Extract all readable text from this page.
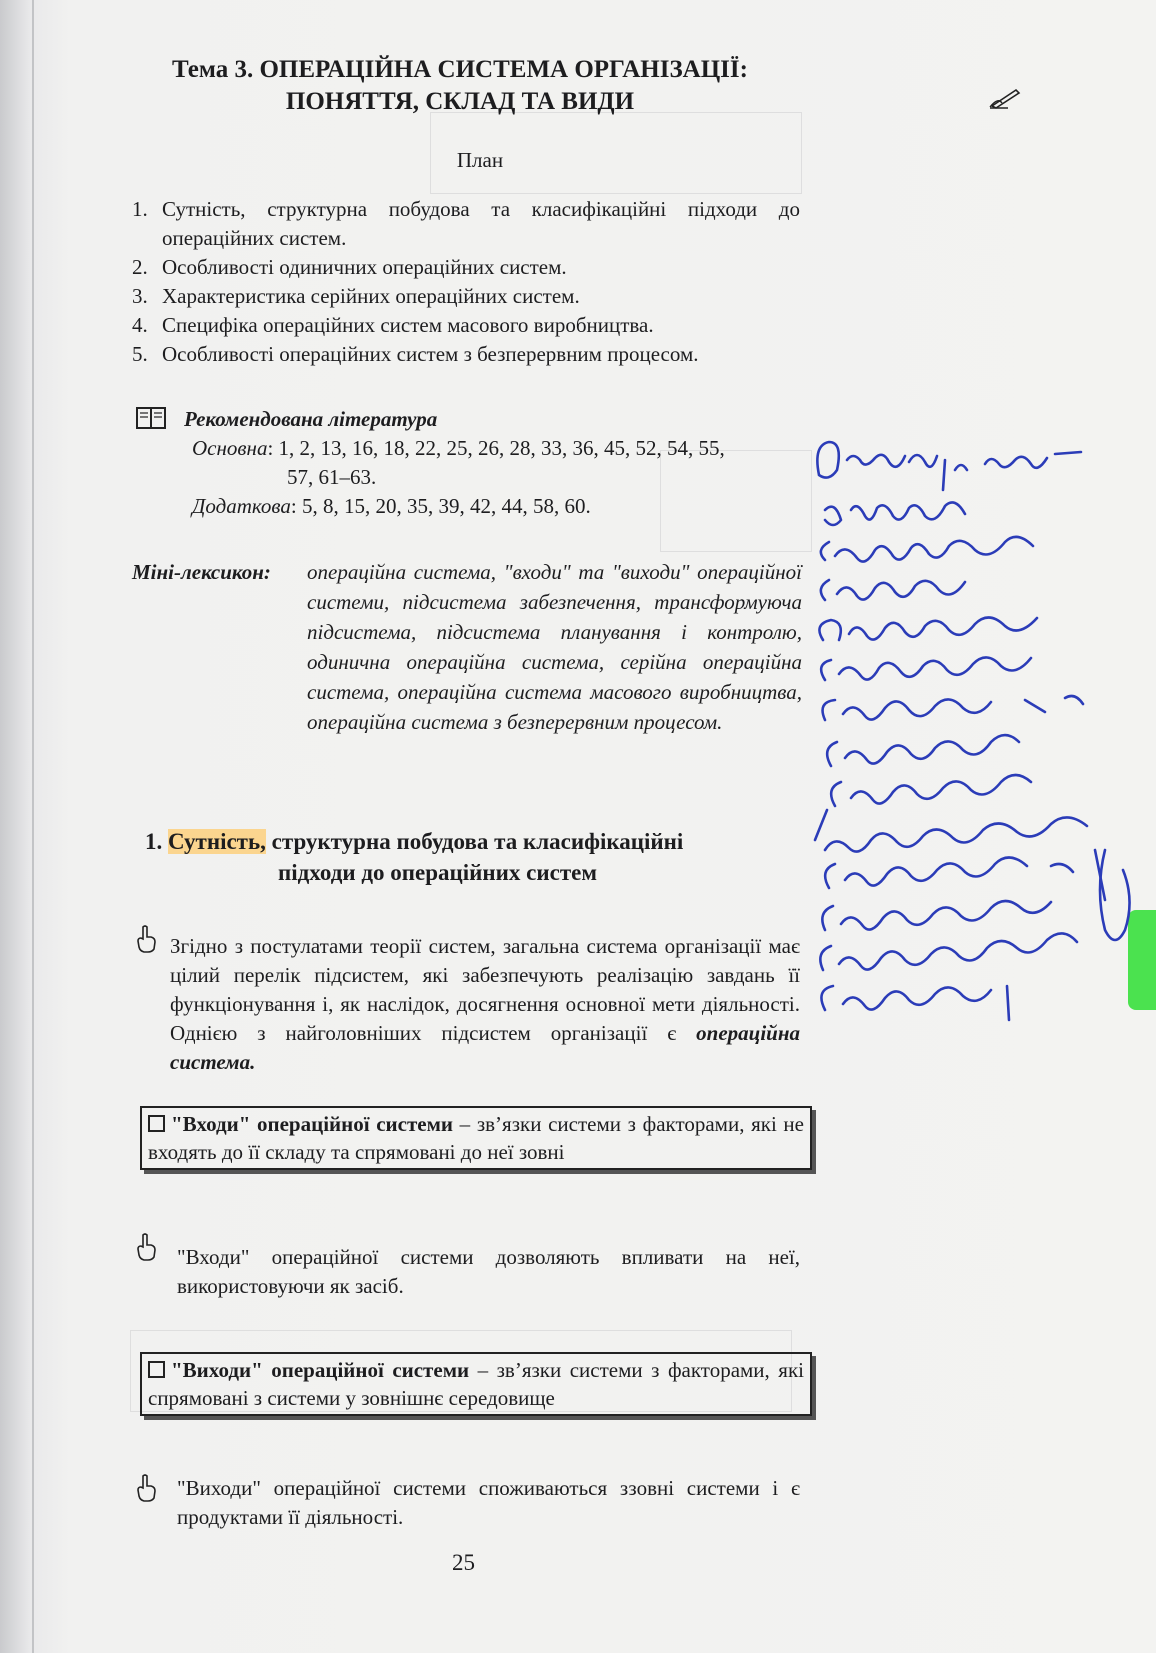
Тема 3. ОПЕРАЦІЙНА СИСТЕМА ОРГАНІЗАЦІЇ:
ПОНЯТТЯ, СКЛАД ТА ВИДИ
План
1. Сутність, структурна побудова та класифікаційні підходи до операційних систем.
2. Особливості одиничних операційних систем.
3. Характеристика серійних операційних систем.
4. Специфіка операційних систем масового виробництва.
5. Особливості операційних систем з безперервним процесом.
Рекомендована література
Основна: 1, 2, 13, 16, 18, 22, 25, 26, 28, 33, 36, 45, 52, 54, 55,
57, 61–63.
Додаткова: 5, 8, 15, 20, 35, 39, 42, 44, 58, 60.
Міні-лексикон: операційна система, "входи" та "виходи" операційної системи, підсистема забезпечення, трансформуюча підсистема, підсистема планування і контролю, одинична операційна система, серійна операційна система, операційна система масового виробництва, операційна система з безперервним процесом.
1. Сутність, структурна побудова та класифікаційні
підходи до операційних систем
Згідно з постулатами теорії систем, загальна система організації має цілий перелік підсистем, які забезпечують реалізацію завдань її функціонування і, як наслідок, досягнення основної мети діяльності. Однією з найголовніших підсистем організації є операційна система.
"Входи" операційної системи – зв’язки системи з факторами, які не входять до її складу та спрямовані до неї зовні
"Входи" операційної системи дозволяють впливати на неї, використовуючи як засіб.
"Виходи" операційної системи – зв’язки системи з факторами, які спрямовані з системи у зовнішнє середовище
"Виходи" операційної системи споживаються ззовні системи і є продуктами її діяльності.
25
